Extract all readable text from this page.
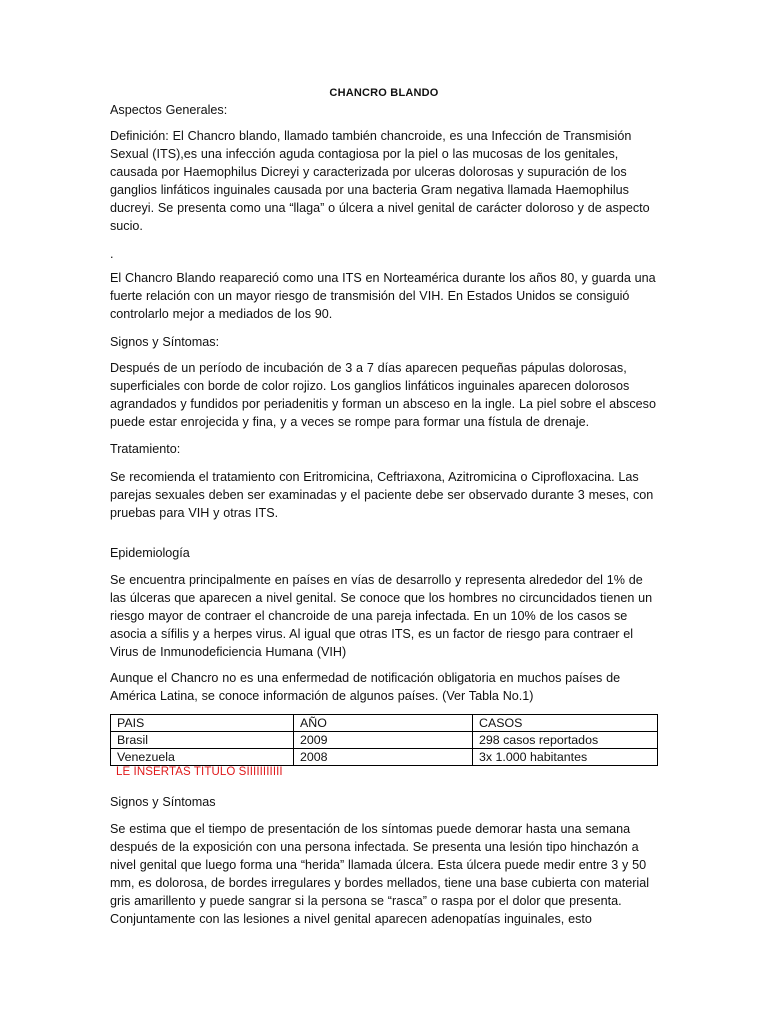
CHANCRO BLANDO

Aspectos Generales:

Definición: El Chancro blando, llamado también chancroide, es una Infección de Transmisión Sexual (ITS),es una infección aguda contagiosa por la piel o las mucosas de los genitales, causada por Haemophilus Dicreyi y caracterizada por ulceras dolorosas y supuración de los ganglios linfáticos inguinales causada por una bacteria Gram negativa llamada Haemophilus ducreyi. Se presenta como una “llaga” o úlcera a nivel genital de carácter doloroso y de aspecto sucio.

.

El Chancro Blando reapareció como una ITS en Norteamérica durante los años 80, y guarda una fuerte relación con un mayor riesgo de transmisión del VIH. En Estados Unidos se consiguió controlarlo mejor a mediados de los 90.

Signos y Síntomas:

Después de un período de incubación de 3 a 7 días aparecen pequeñas pápulas dolorosas, superficiales con borde de color rojizo. Los ganglios linfáticos inguinales aparecen dolorosos agrandados y fundidos por periadenitis y forman un absceso en la ingle. La piel sobre el absceso puede estar enrojecida y fina, y a veces se rompe para formar una fístula de drenaje.

Tratamiento:

Se recomienda el tratamiento con Eritromicina, Ceftriaxona, Azitromicina o Ciprofloxacina. Las parejas sexuales deben ser examinadas y el paciente debe ser observado durante 3 meses, con pruebas para VIH y otras ITS.

Epidemiología

Se encuentra principalmente en países en vías de desarrollo y representa alrededor del 1% de las úlceras que aparecen a nivel genital. Se conoce que los hombres no circuncidados tienen un riesgo mayor de contraer el chancroide de una pareja infectada. En un 10% de los casos se asocia a sífilis y a herpes virus. Al igual que otras ITS, es un factor de riesgo para contraer el Virus de Inmunodeficiencia Humana (VIH)

Aunque el Chancro no es una enfermedad de notificación obligatoria en muchos países de América Latina, se conoce información de algunos países. (Ver Tabla No.1)

PAIS	AÑO	CASOS
Brasil	2009	298 casos reportados
Venezuela	2008	3x 1.000 habitantes
LE INSERTAS TITULO SIIIIIIIIIII

Signos y Síntomas

Se estima que el tiempo de presentación de los síntomas puede demorar hasta una semana después de la exposición con una persona infectada. Se presenta una lesión tipo hinchazón a nivel genital que luego forma una “herida” llamada úlcera. Esta úlcera puede medir entre 3 y 50 mm, es dolorosa, de bordes irregulares y bordes mellados, tiene una base cubierta con material gris amarillento y puede sangrar si la persona se “rasca” o raspa por el dolor que presenta. Conjuntamente con las lesiones a nivel genital aparecen adenopatías inguinales, esto
